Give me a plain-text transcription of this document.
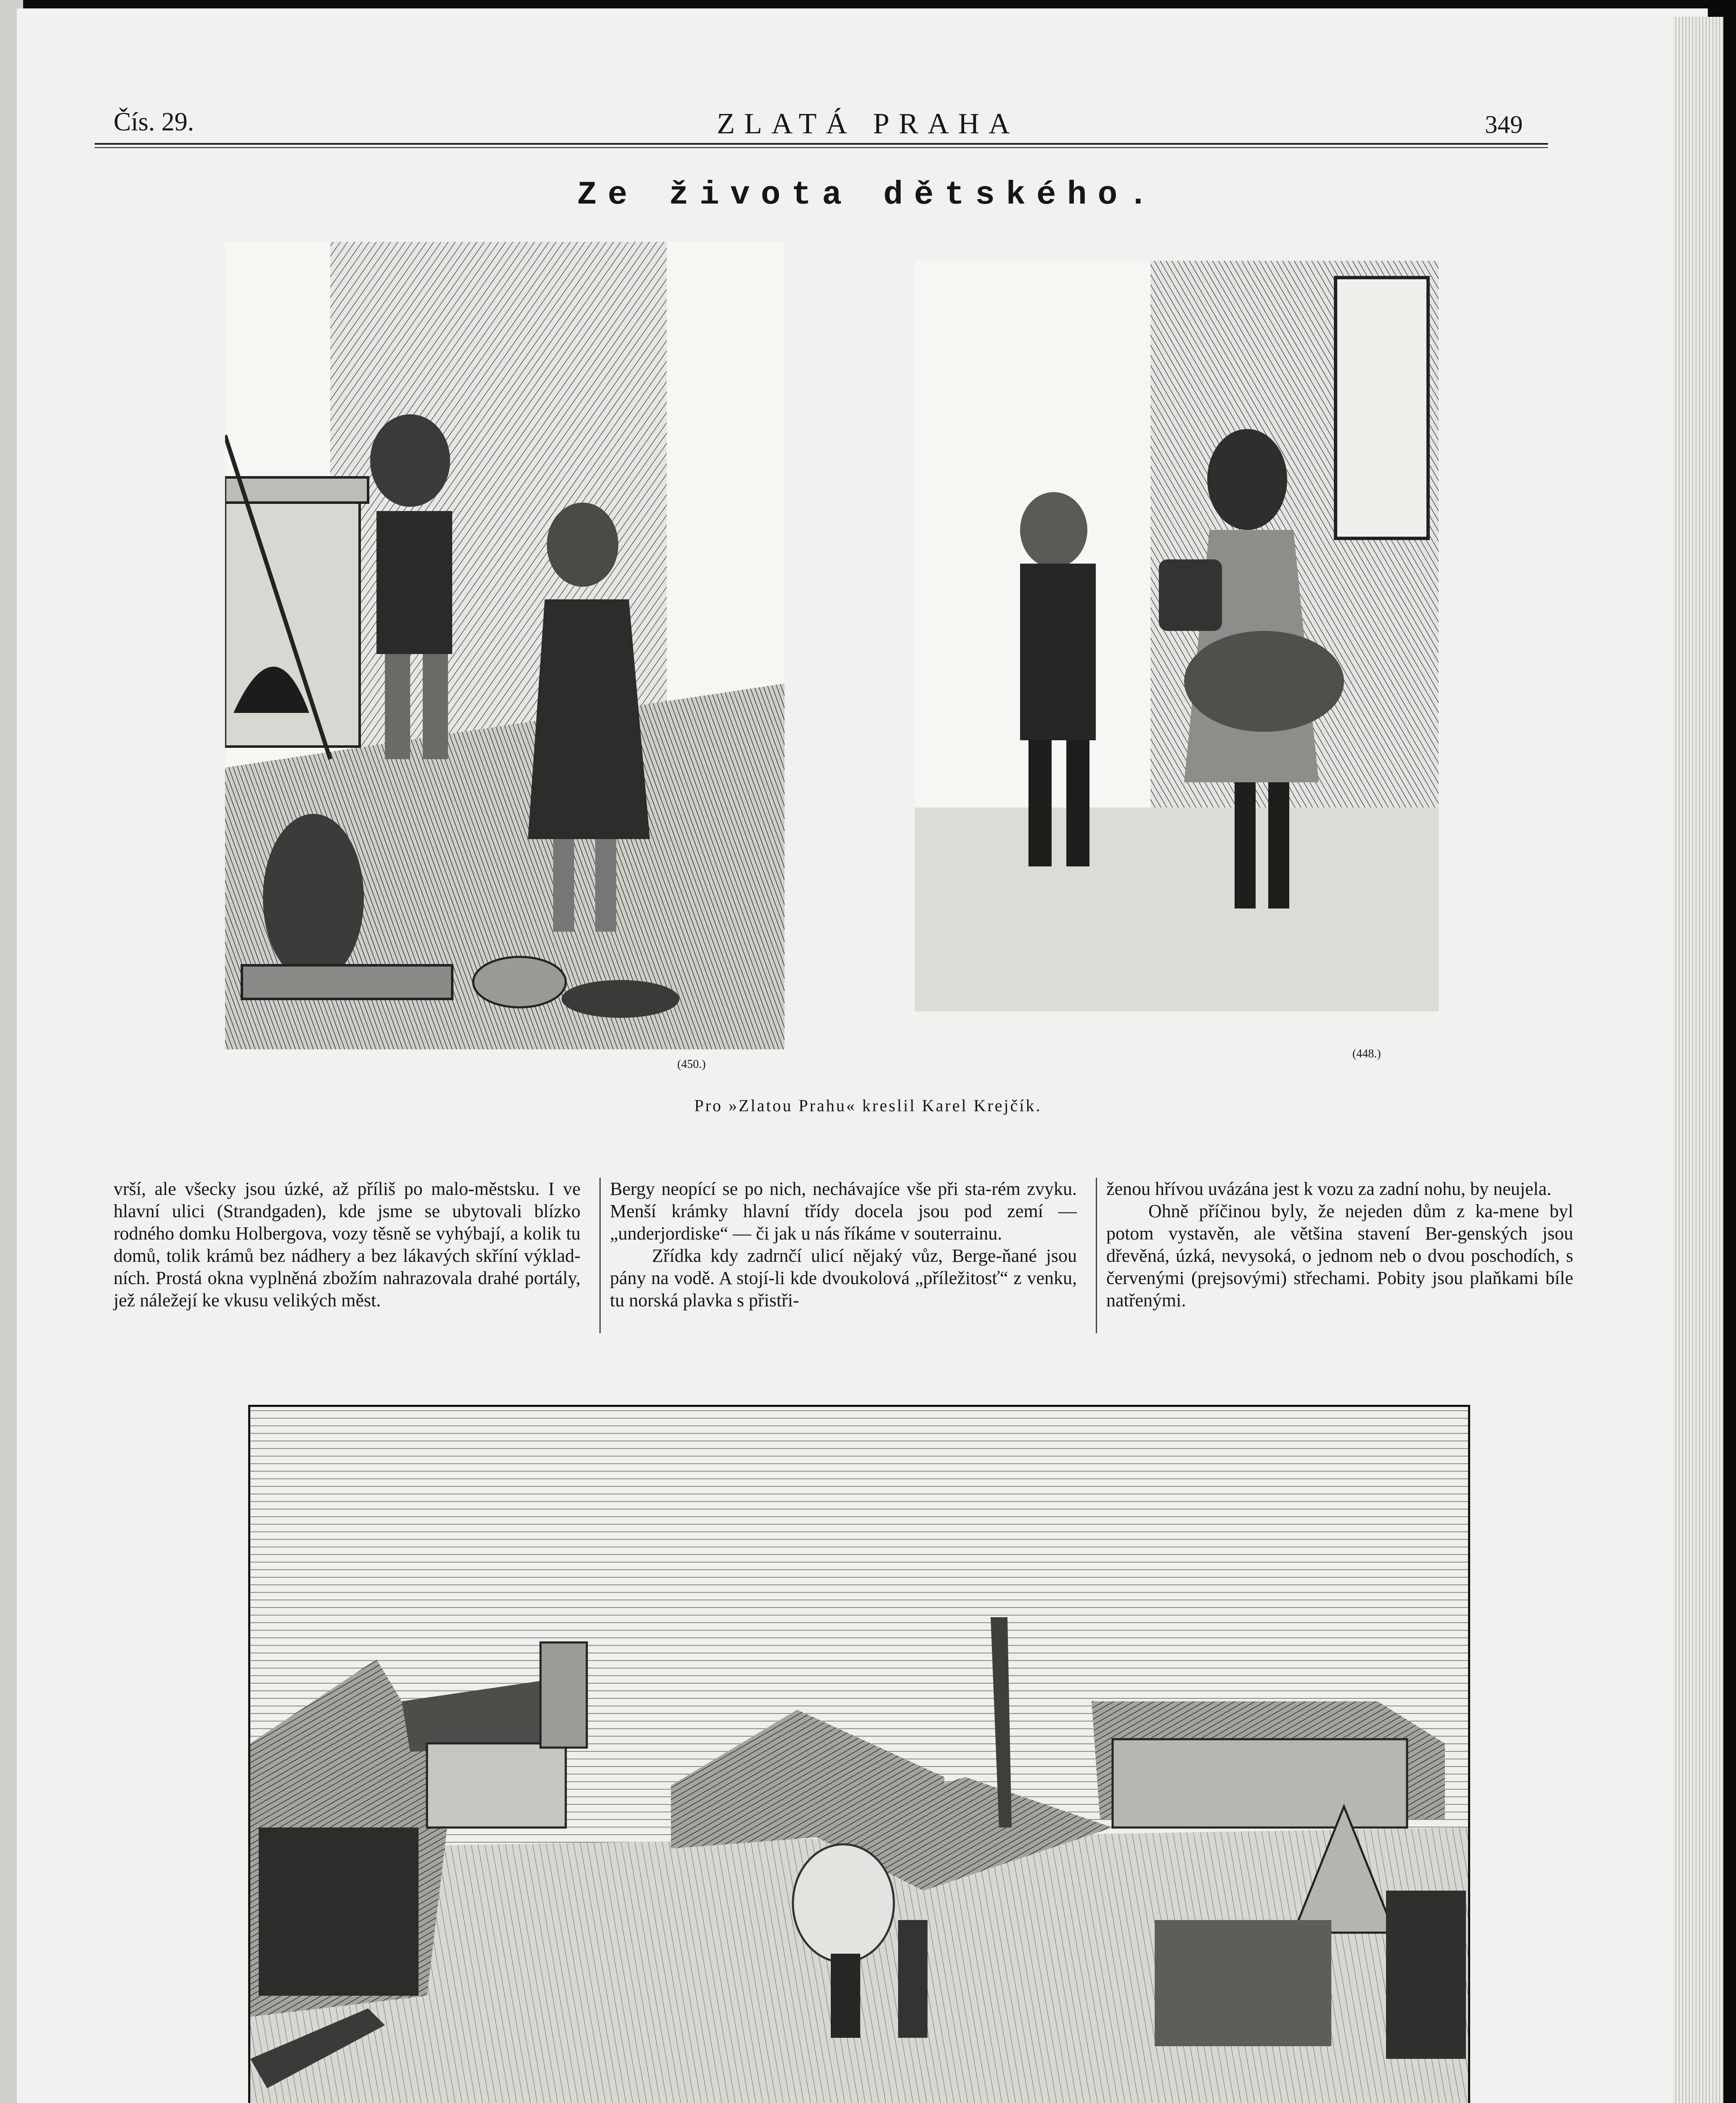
Čís. 29.	ZLATÁ PRAHA	349

Ze života dětského.

(450.)

(448.)

Pro »Zlatou Prahu« kreslil Karel Krejčík.

vrší, ale všecky jsou úzké, až příliš po malo-městsku. I ve hlavní ulici (Strandgaden), kde jsme se ubytovali blízko rodného domku Holbergova, vozy těsně se vyhýbají, a kolik tu domů, tolik krámů bez nádhery a bez lákavých skříní výklad-ních. Prostá okna vyplněná zbožím nahrazovala drahé portály, jež náležejí ke vkusu velikých měst.

Bergy neopící se po nich, nechávajíce vše při sta-rém zvyku. Menší krámky hlavní třídy docela jsou pod zemí — „underjordiske“ — či jak u nás říkáme v souterrainu.

Zřídka kdy zadrnčí ulicí nějaký vůz, Berge-ňané jsou pány na vodě. A stojí-li kde dvoukolová „příležitosť“ z venku, tu norská plavka s přistři-

ženou hřívou uvázána jest k vozu za zadní nohu, by neujela.

Ohně příčinou byly, že nejeden dům z ka-mene byl potom vystavěn, ale většina stavení Ber-genských jsou dřevěná, úzká, nevysoká, o jednom neb o dvou poschodích, s červenými (prejsovými) střechami. Pobity jsou plaňkami bíle natřenými.
